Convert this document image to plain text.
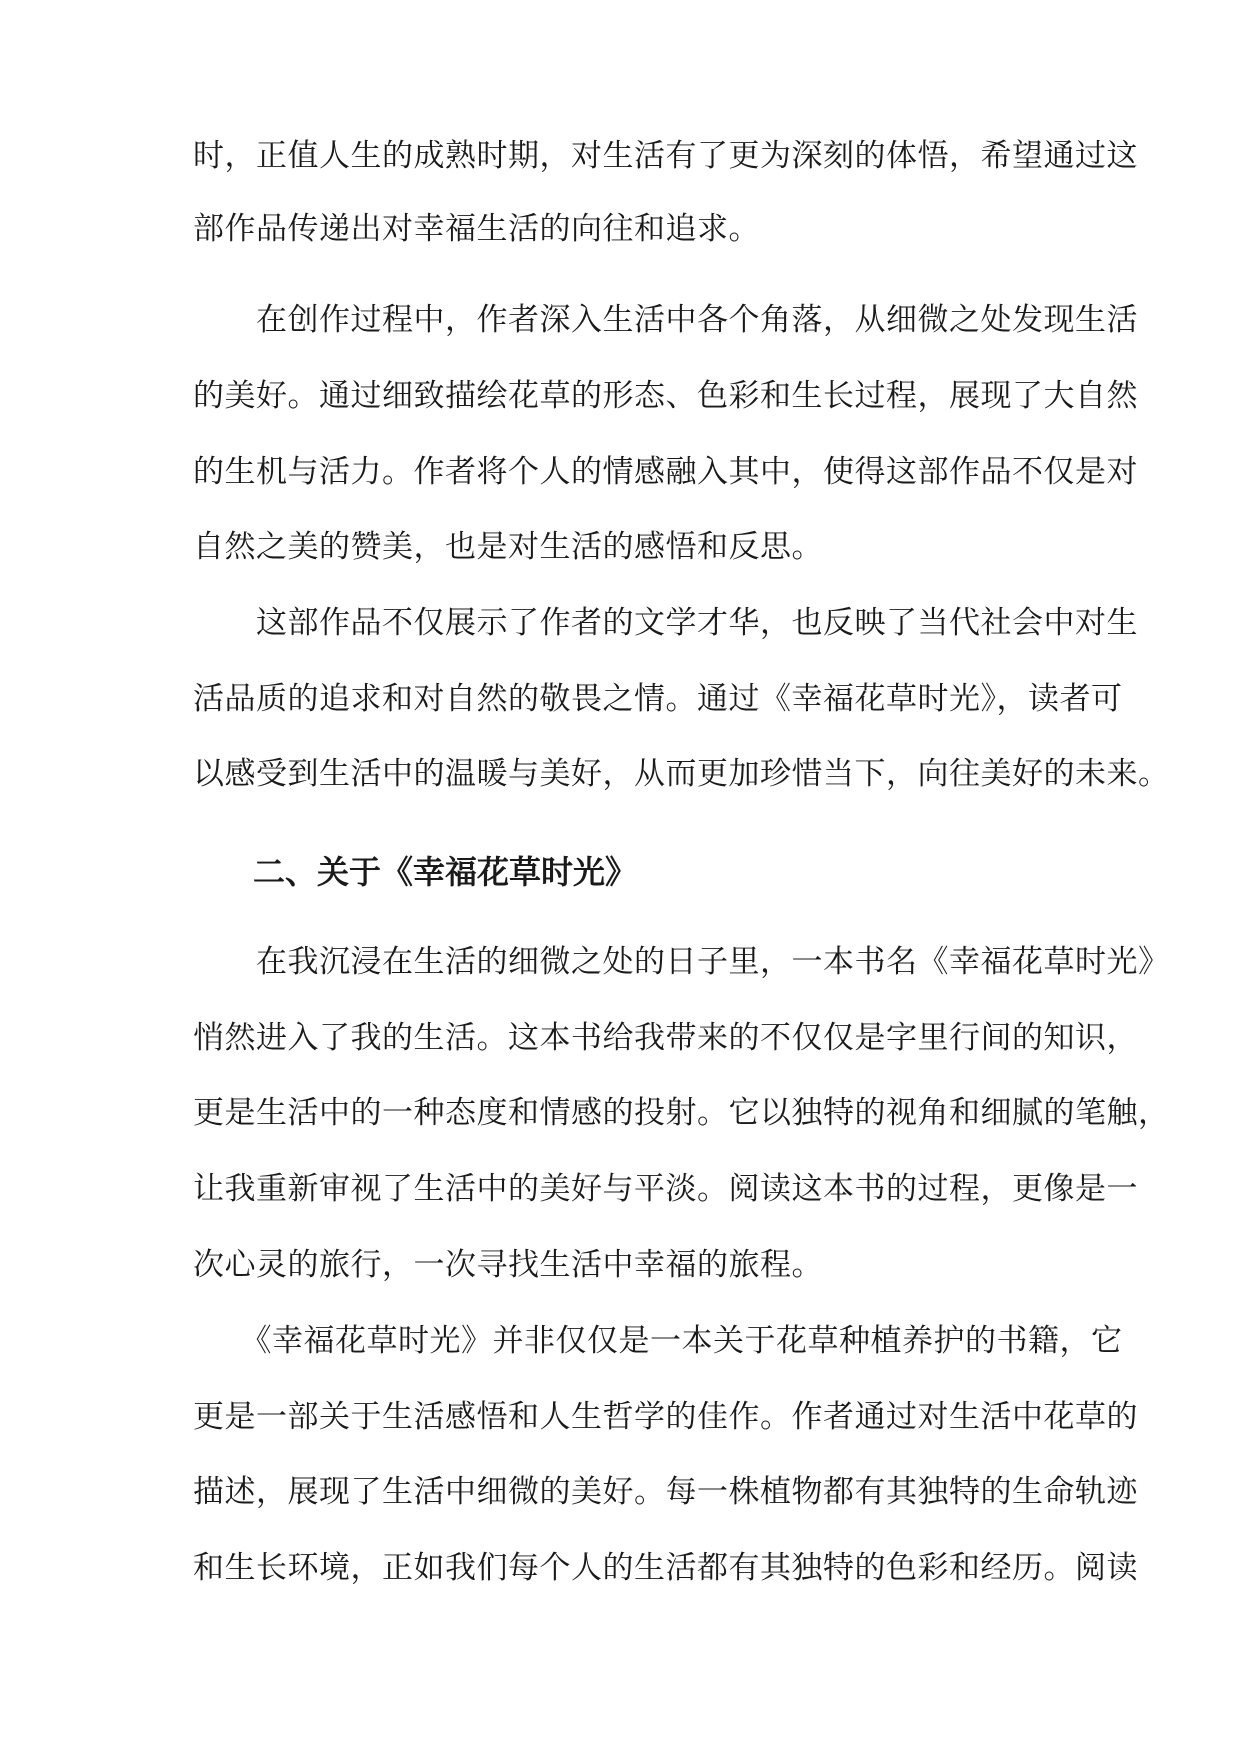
时，正值人生的成熟时期，对生活有了更为深刻的体悟，希望通过这
部作品传递出对幸福生活的向往和追求。
　　在创作过程中，作者深入生活中各个角落，从细微之处发现生活
的美好。通过细致描绘花草的形态、色彩和生长过程，展现了大自然
的生机与活力。作者将个人的情感融入其中，使得这部作品不仅是对
自然之美的赞美，也是对生活的感悟和反思。
　　这部作品不仅展示了作者的文学才华，也反映了当代社会中对生
活品质的追求和对自然的敬畏之情。通过《幸福花草时光》，读者可
以感受到生活中的温暖与美好，从而更加珍惜当下，向往美好的未来。
二、关于《幸福花草时光》
　　在我沉浸在生活的细微之处的日子里，一本书名《幸福花草时光》
悄然进入了我的生活。这本书给我带来的不仅仅是字里行间的知识，
更是生活中的一种态度和情感的投射。它以独特的视角和细腻的笔触，
让我重新审视了生活中的美好与平淡。阅读这本书的过程，更像是一
次心灵的旅行，一次寻找生活中幸福的旅程。
　　《幸福花草时光》并非仅仅是一本关于花草种植养护的书籍，它
更是一部关于生活感悟和人生哲学的佳作。作者通过对生活中花草的
描述，展现了生活中细微的美好。每一株植物都有其独特的生命轨迹
和生长环境，正如我们每个人的生活都有其独特的色彩和经历。阅读
